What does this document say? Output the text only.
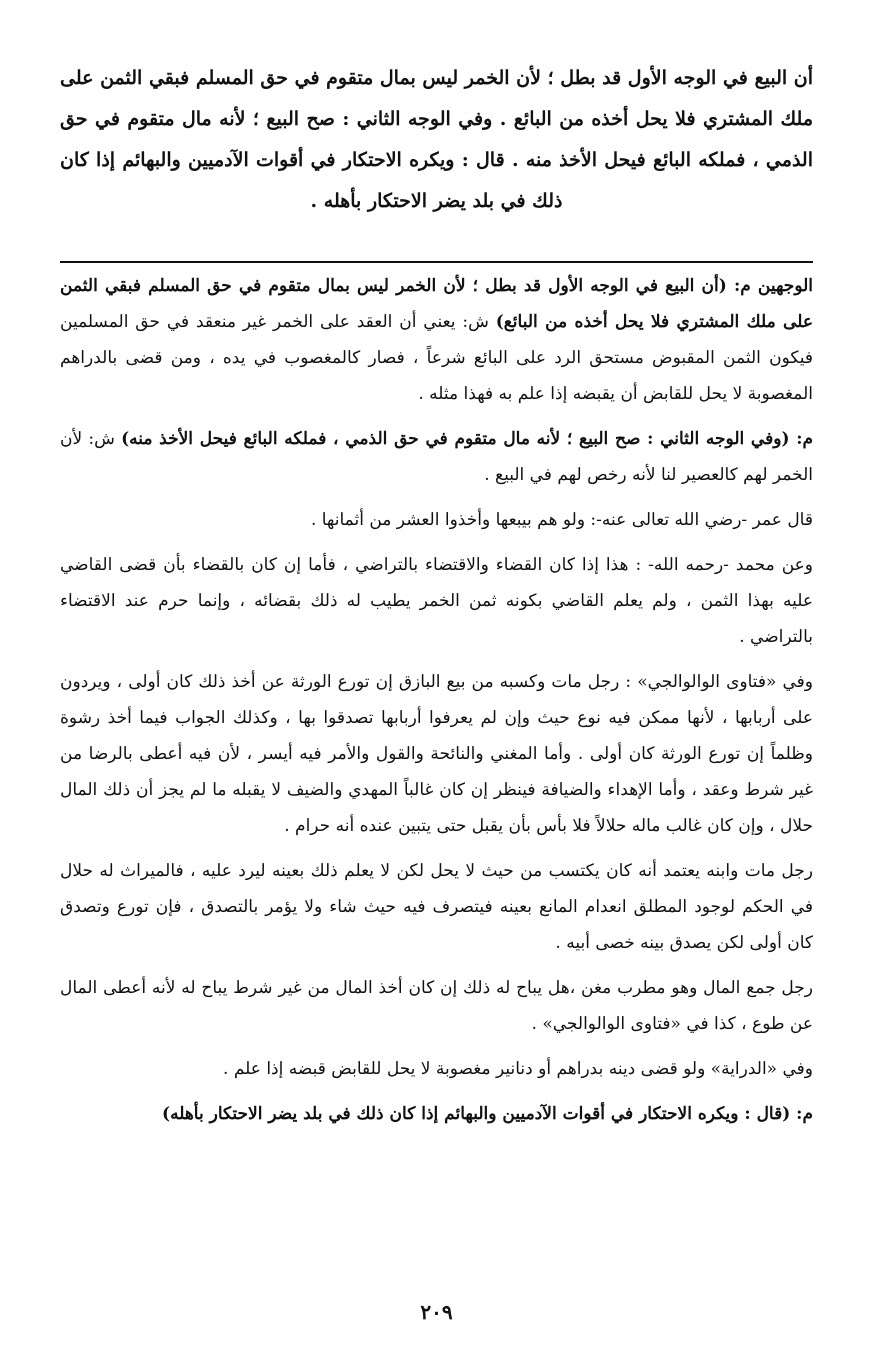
أن البيع في الوجه الأول قد بطل ؛ لأن الخمر ليس بمال متقوم في حق المسلم فبقي الثمن على ملك المشتري فلا يحل أخذه من البائع . وفي الوجه الثاني : صح البيع ؛ لأنه مال متقوم في حق الذمي ، فملكه البائع فيحل الأخذ منه . قال : ويكره الاحتكار في أقوات الآدميين والبهائم إذا كان ذلك في بلد يضر الاحتكار بأهله .

الوجهين م: (أن البيع في الوجه الأول قد بطل ؛ لأن الخمر ليس بمال متقوم في حق المسلم فبقي الثمن على ملك المشتري فلا يحل أخذه من البائع) ش: يعني أن العقد على الخمر غير منعقد في حق المسلمين فيكون الثمن المقبوض مستحق الرد على البائع شرعاً ، فصار كالمغصوب في يده ، ومن قضى بالدراهم المغصوبة لا يحل للقابض أن يقبضه إذا علم به فهذا مثله .

م: (وفي الوجه الثاني : صح البيع ؛ لأنه مال متقوم في حق الذمي ، فملكه البائع فيحل الأخذ منه) ش: لأن الخمر لهم كالعصير لنا لأنه رخص لهم في البيع .

قال عمر -رضي الله تعالى عنه-: ولو هم بيبعها وأخذوا العشر من أثمانها .

وعن محمد -رحمه الله- : هذا إذا كان القضاء والاقتضاء بالتراضي ، فأما إن كان بالقضاء بأن قضى القاضي عليه بهذا الثمن ، ولم يعلم القاضي بكونه ثمن الخمر يطيب له ذلك بقضائه ، وإنما حرم عند الاقتضاء بالتراضي .

وفي «فتاوى الوالوالجي» : رجل مات وكسبه من بيع البازق إن تورع الورثة عن أخذ ذلك كان أولى ، ويردون على أربابها ، لأنها ممكن فيه نوع حيث وإن لم يعرفوا أربابها تصدقوا بها ، وكذلك الجواب فيما أخذ رشوة وظلماً إن تورع الورثة كان أولى . وأما المغني والنائحة والقول والأمر فيه أيسر ، لأن فيه أعطى بالرضا من غير شرط وعقد ، وأما الإهداء والضيافة فينظر إن كان غالباً المهدي والضيف لا يقبله ما لم يجز أن ذلك المال حلال ، وإن كان غالب ماله حلالاً فلا بأس بأن يقبل حتى يتبين عنده أنه حرام .

رجل مات وابنه يعتمد أنه كان يكتسب من حيث لا يحل لكن لا يعلم ذلك بعينه ليرد عليه ، فالميراث له حلال في الحكم لوجود المطلق انعدام المانع بعينه فيتصرف فيه حيث شاء ولا يؤمر بالتصدق ، فإن تورع وتصدق كان أولى لكن يصدق بينه خصى أبيه .

رجل جمع المال وهو مطرب مغن ،هل يباح له ذلك إن كان أخذ المال من غير شرط يباح له لأنه أعطى المال عن طوع ، كذا في «فتاوى الوالوالجي» .

وفي «الدراية» ولو قضى دينه بدراهم أو دنانير مغصوبة لا يحل للقابض قبضه إذا علم .

م: (قال : ويكره الاحتكار في أقوات الآدميين والبهائم إذا كان ذلك في بلد يضر الاحتكار بأهله)

٢٠٩
